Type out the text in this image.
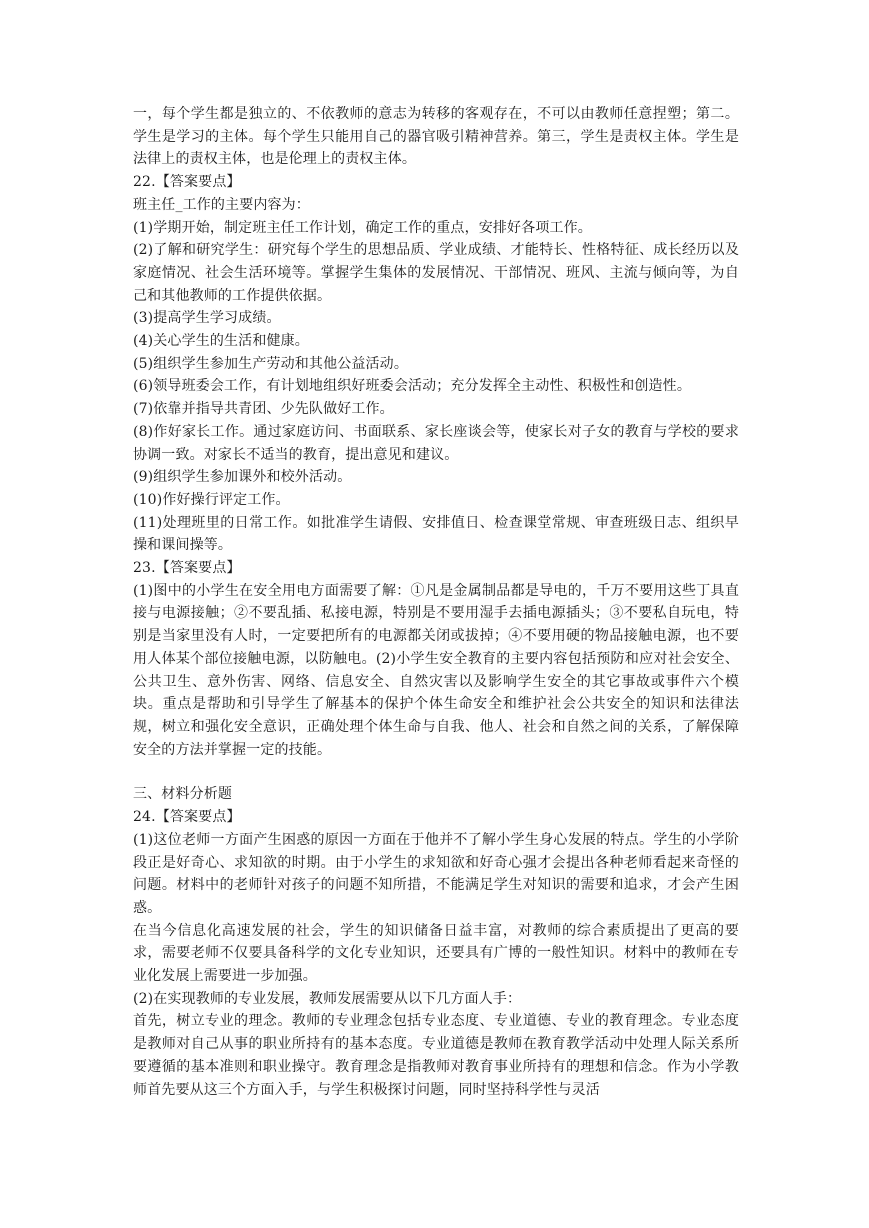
一，每个学生都是独立的、不依教师的意志为转移的客观存在，不可以由教师任意捏塑；第二。学生是学习的主体。每个学生只能用自己的器官吸引精神营养。第三，学生是责权主体。学生是法律上的责权主体，也是伦理上的责权主体。

22.【答案要点】

班主任_工作的主要内容为：

(1)学期开始，制定班主任工作计划，确定工作的重点，安排好各项工作。

(2)了解和研究学生：研究每个学生的思想品质、学业成绩、才能特长、性格特征、成长经历以及家庭情况、社会生活环境等。掌握学生集体的发展情况、干部情况、班风、主流与倾向等，为自己和其他教师的工作提供依据。

(3)提高学生学习成绩。

(4)关心学生的生活和健康。

(5)组织学生参加生产劳动和其他公益活动。

(6)领导班委会工作，有计划地组织好班委会活动；充分发挥全主动性、积极性和创造性。

(7)依靠并指导共青团、少先队做好工作。

(8)作好家长工作。通过家庭访问、书面联系、家长座谈会等，使家长对子女的教育与学校的要求协调一致。对家长不适当的教育，提出意见和建议。

(9)组织学生参加课外和校外活动。

(10)作好操行评定工作。

(11)处理班里的日常工作。如批准学生请假、安排值日、检查课堂常规、审查班级日志、组织早操和课间操等。

23.【答案要点】

(1)图中的小学生在安全用电方面需要了解：①凡是金属制品都是导电的，千万不要用这些丁具直接与电源接触；②不要乱插、私接电源，特别是不要用湿手去插电源插头；③不要私自玩电，特别是当家里没有人时，一定要把所有的电源都关闭或拔掉；④不要用硬的物品接触电源，也不要用人体某个部位接触电源，以防触电。(2)小学生安全教育的主要内容包括预防和应对社会安全、公共卫生、意外伤害、网络、信息安全、自然灾害以及影响学生安全的其它事故或事件六个模块。重点是帮助和引导学生了解基本的保护个体生命安全和维护社会公共安全的知识和法律法规，树立和强化安全意识，正确处理个体生命与自我、他人、社会和自然之间的关系，了解保障安全的方法并掌握一定的技能。

三、材料分析题

24.【答案要点】

(1)这位老师一方面产生困惑的原因一方面在于他并不了解小学生身心发展的特点。学生的小学阶段正是好奇心、求知欲的时期。由于小学生的求知欲和好奇心强才会提出各种老师看起来奇怪的问题。材料中的老师针对孩子的问题不知所措，不能满足学生对知识的需要和追求，才会产生困惑。

在当今信息化高速发展的社会，学生的知识储备日益丰富，对教师的综合素质提出了更高的要求，需要老师不仅要具备科学的文化专业知识，还要具有广博的一般性知识。材料中的教师在专业化发展上需要进一步加强。

(2)在实现教师的专业发展，教师发展需要从以下几方面人手：

首先，树立专业的理念。教师的专业理念包括专业态度、专业道德、专业的教育理念。专业态度是教师对自己从事的职业所持有的基本态度。专业道德是教师在教育教学活动中处理人际关系所要遵循的基本准则和职业操守。教育理念是指教师对教育事业所持有的理想和信念。作为小学教师首先要从这三个方面入手，与学生积极探讨问题，同时坚持科学性与灵活
